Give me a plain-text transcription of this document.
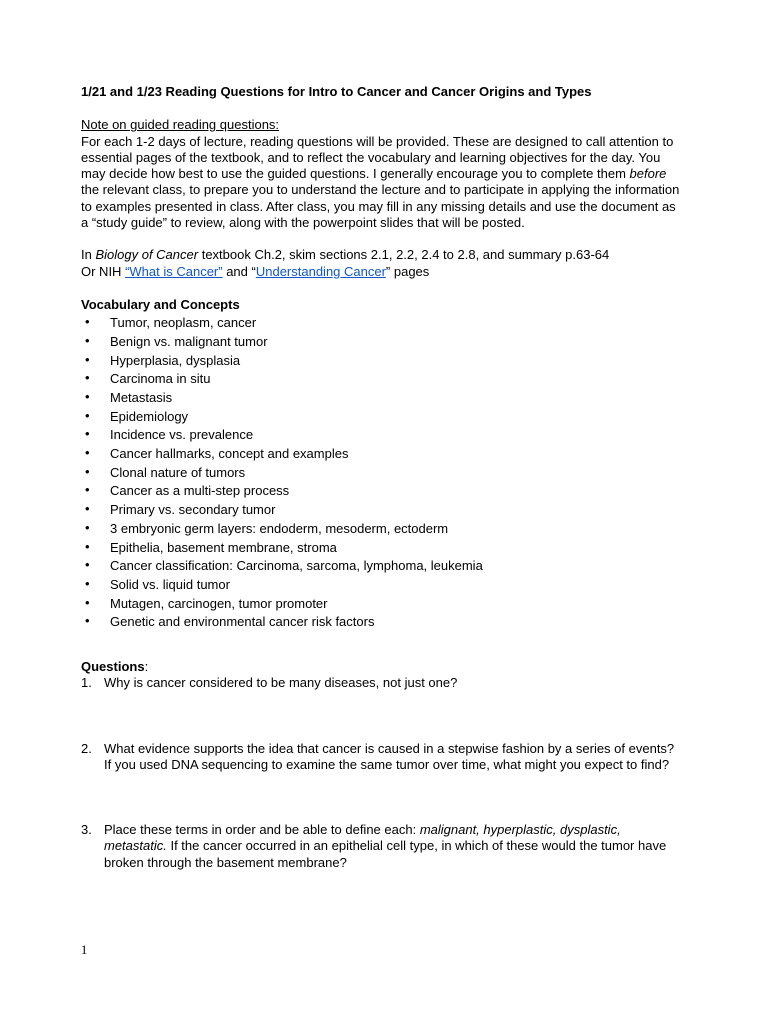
1/21 and 1/23 Reading Questions for Intro to Cancer and Cancer Origins and Types

Note on guided reading questions:

For each 1-2 days of lecture, reading questions will be provided. These are designed to call attention to essential pages of the textbook, and to reflect the vocabulary and learning objectives for the day. You may decide how best to use the guided questions. I generally encourage you to complete them before the relevant class, to prepare you to understand the lecture and to participate in applying the information to examples presented in class. After class, you may fill in any missing details and use the document as a “study guide” to review, along with the powerpoint slides that will be posted.

In Biology of Cancer textbook Ch.2, skim sections 2.1, 2.2, 2.4 to 2.8, and summary p.63-64

Or NIH “What is Cancer” and “Understanding Cancer” pages

Vocabulary and Concepts

• Tumor, neoplasm, cancer
• Benign vs. malignant tumor
• Hyperplasia, dysplasia
• Carcinoma in situ
• Metastasis
• Epidemiology
• Incidence vs. prevalence
• Cancer hallmarks, concept and examples
• Clonal nature of tumors
• Cancer as a multi-step process
• Primary vs. secondary tumor
• 3 embryonic germ layers: endoderm, mesoderm, ectoderm
• Epithelia, basement membrane, stroma
• Cancer classification: Carcinoma, sarcoma, lymphoma, leukemia
• Solid vs. liquid tumor
• Mutagen, carcinogen, tumor promoter
• Genetic and environmental cancer risk factors

Questions:

1. Why is cancer considered to be many diseases, not just one?
2. What evidence supports the idea that cancer is caused in a stepwise fashion by a series of events? If you used DNA sequencing to examine the same tumor over time, what might you expect to find?
3. Place these terms in order and be able to define each: malignant, hyperplastic, dysplastic, metastatic. If the cancer occurred in an epithelial cell type, in which of these would the tumor have broken through the basement membrane?
1
